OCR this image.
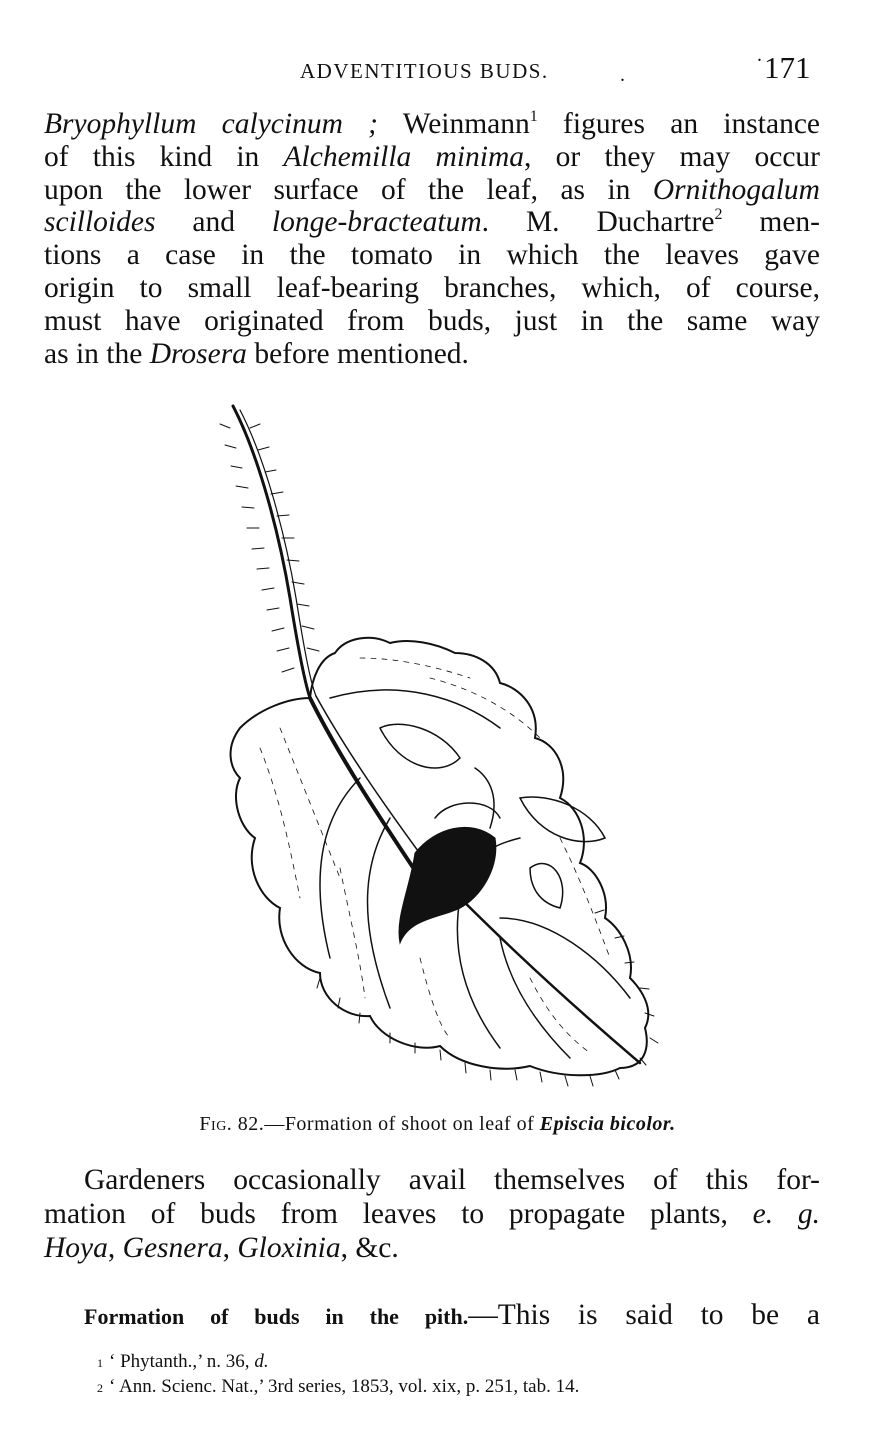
ADVENTITIOUS BUDS.	.
. 171
Bryophyllum calycinum ; Weinmann$^1$ figures an instance
of this kind in Alchemilla minima, or they may occur
upon the lower surface of the leaf, as in Ornithogalum
scilloides and longe-bracteatum. M. Duchartre$^2$ men-
tions a case in the tomato in which the leaves gave
origin to small leaf-bearing branches, which, of course,
must have originated from buds, just in the same way
as in the Drosera before mentioned.
Fig. 82.—Formation of shoot on leaf of Episcia bicolor.
Gardeners occasionally avail themselves of this for-
mation of buds from leaves to propagate plants, e. g.
Hoya, Gesnera, Gloxinia, &c.
Formation of buds in the pith.—This is said to be a
1 ‘ Phytanth.,’ n. 36, d.
2 ‘ Ann. Scienc. Nat.,’ 3rd series, 1853, vol. xix, p. 251, tab. 14.
